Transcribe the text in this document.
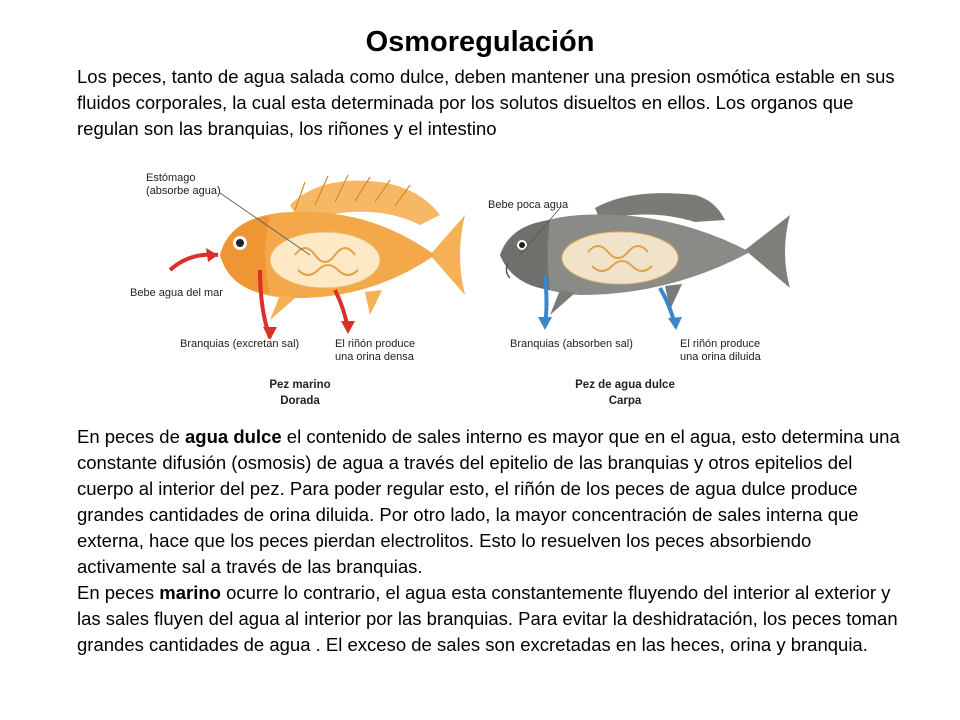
Osmoregulación

Los peces, tanto de agua salada como dulce, deben mantener una presion osmótica estable en sus fluidos corporales, la cual esta determinada por los solutos disueltos en ellos. Los organos que regulan son las branquias, los riñones y el intestino

Estómago
(absorbe agua)
Bebe agua del mar
Branquias (excretan sal)	El riñón produce
una orina densa
Pez marino
Dorada
Bebe poca agua
Branquias (absorben sal)	El riñón produce
una orina diluida
Pez de agua dulce
Carpa

En peces de agua dulce el contenido de sales interno es mayor que en el agua, esto determina una constante difusión (osmosis) de agua a través del epitelio de las branquias y otros epitelios del cuerpo al interior del pez. Para poder regular esto, el riñón de los peces de agua dulce produce grandes cantidades de orina diluida. Por otro lado, la mayor concentración de sales interna que externa, hace que los peces pierdan electrolitos. Esto lo resuelven los peces absorbiendo activamente sal a través de las branquias.

En peces marino ocurre lo contrario, el agua esta constantemente fluyendo del interior al exterior y las sales fluyen del agua al interior por las branquias. Para evitar la deshidratación, los peces toman grandes cantidades de agua . El exceso de sales son excretadas en las heces, orina y branquia.
